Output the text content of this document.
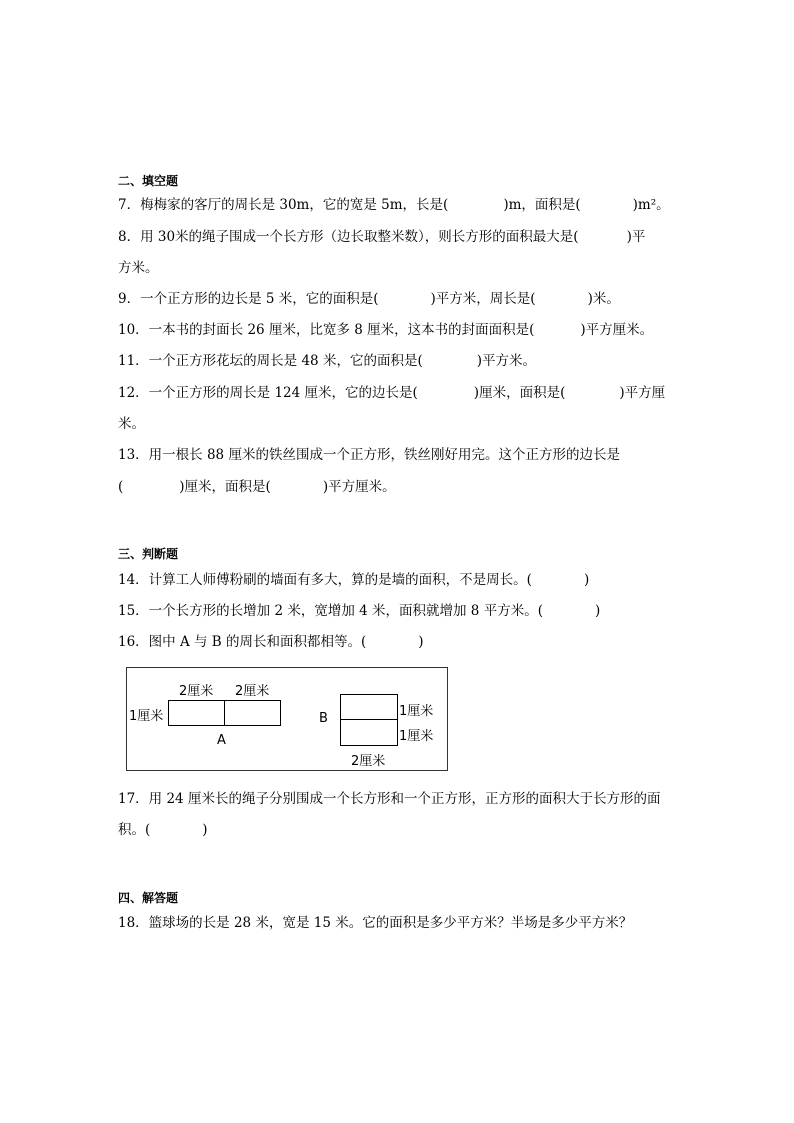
二、填空题
7．梅梅家的客厅的周长是 30m，它的宽是 5m，长是(	)m，面积是(	)m²。
8．用 30米的绳子围成一个长方形（边长取整米数），则长方形的面积最大是(	)平
方米。
9．一个正方形的边长是 5 米，它的面积是(	)平方米，周长是(	)米。
10．一本书的封面长 26 厘米，比宽多 8 厘米，这本书的封面面积是(	)平方厘米。
11．一个正方形花坛的周长是 48 米，它的面积是(	)平方米。
12．一个正方形的周长是 124 厘米，它的边长是(	)厘米，面积是(	)平方厘
米。
13．用一根长 88 厘米的铁丝围成一个正方形，铁丝刚好用完。这个正方形的边长是
(	)厘米，面积是(	)平方厘米。
三、判断题
14．计算工人师傅粉刷的墙面有多大，算的是墙的面积，不是周长。(	)
15．一个长方形的长增加 2 米，宽增加 4 米，面积就增加 8 平方米。(	)
16．图中 A 与 B 的周长和面积都相等。(	)
2厘米 2厘米
1厘米
A
B	1厘米
1厘米
2厘米
17．用 24 厘米长的绳子分别围成一个长方形和一个正方形，正方形的面积大于长方形的面
积。(	)
四、解答题
18．篮球场的长是 28 米，宽是 15 米。它的面积是多少平方米？半场是多少平方米？
